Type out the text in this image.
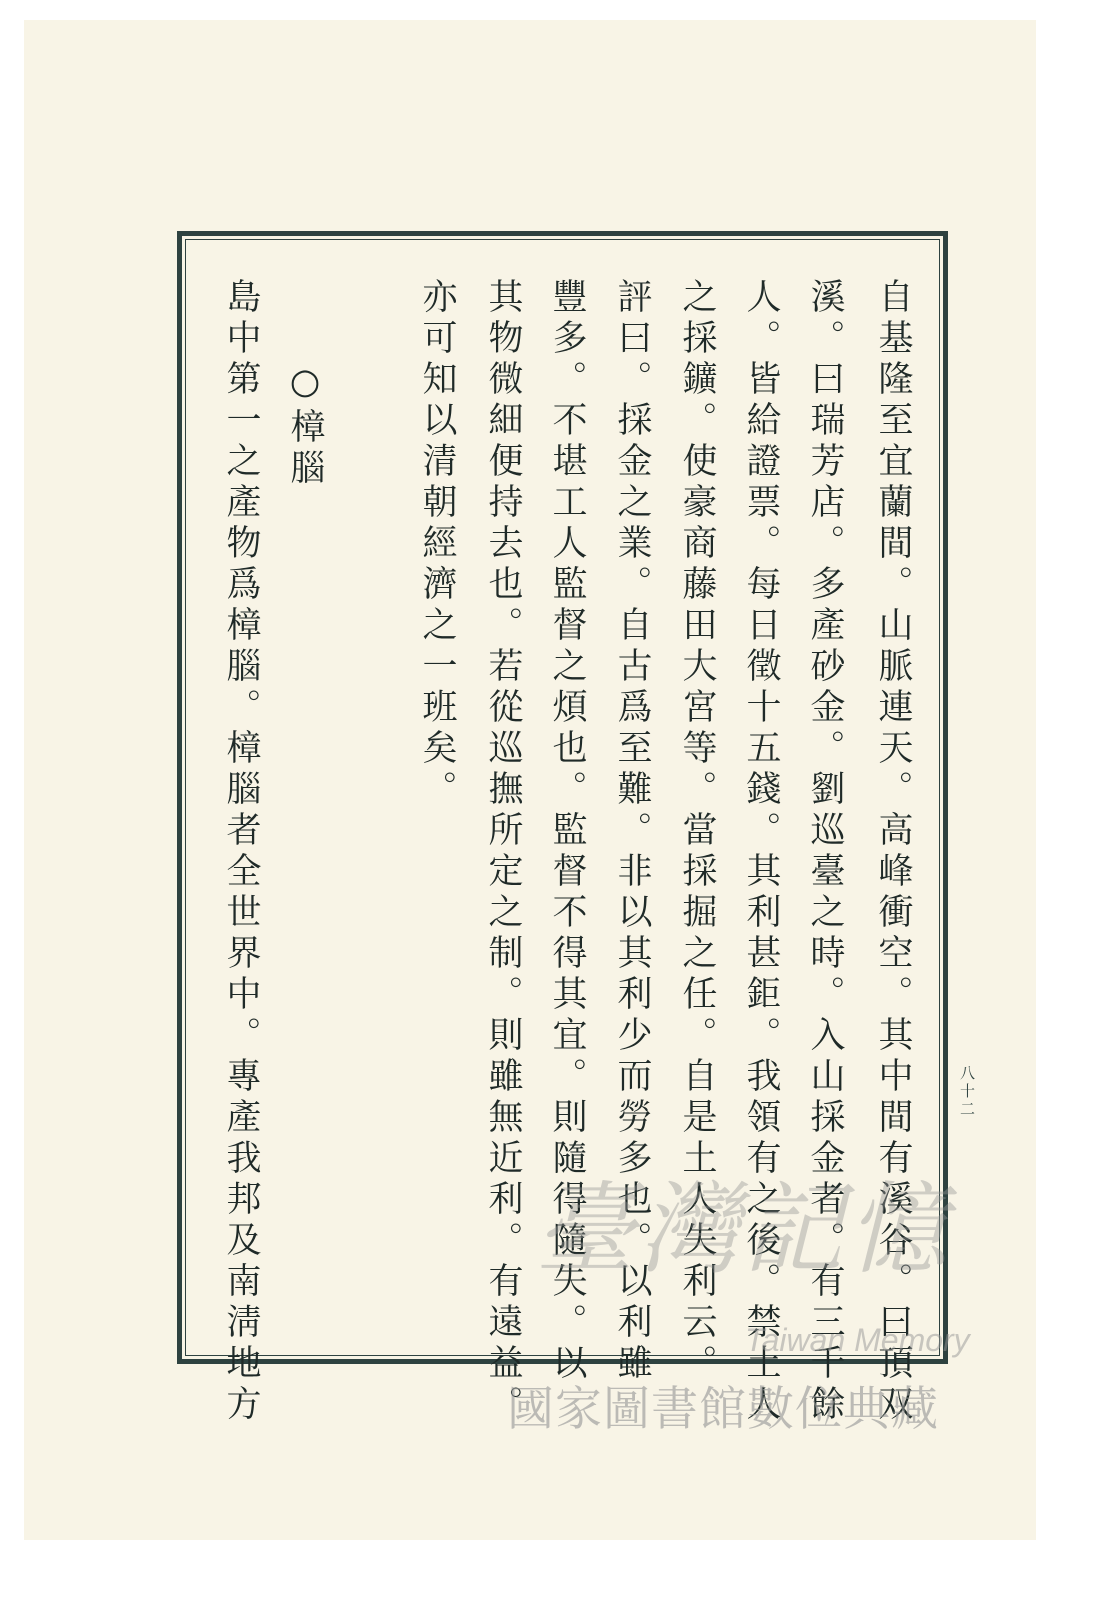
自基隆至宜蘭間。山脈連天。高峰衝空。其中間有溪谷。曰頂双
溪。曰瑞芳店。多產砂金。劉巡臺之時。入山採金者。有三千餘
人。皆給證票。每日徵十五錢。其利甚鉅。我領有之後。禁土人
之採鑛。使豪商藤田大宮等。當採掘之任。自是土人失利云。
評曰。採金之業。自古爲至難。非以其利少而勞多也。以利雖
豐多。不堪工人監督之煩也。監督不得其宜。則隨得隨失。以
其物微細便持去也。若從巡撫所定之制。則雖無近利。有遠益。
亦可知以清朝經濟之一班矣。
○樟腦
島中第一之產物爲樟腦。樟腦者全世界中。專產我邦及南淸地方	八十二
臺灣記憶
Taiwan Memory
國家圖書館數位典藏
